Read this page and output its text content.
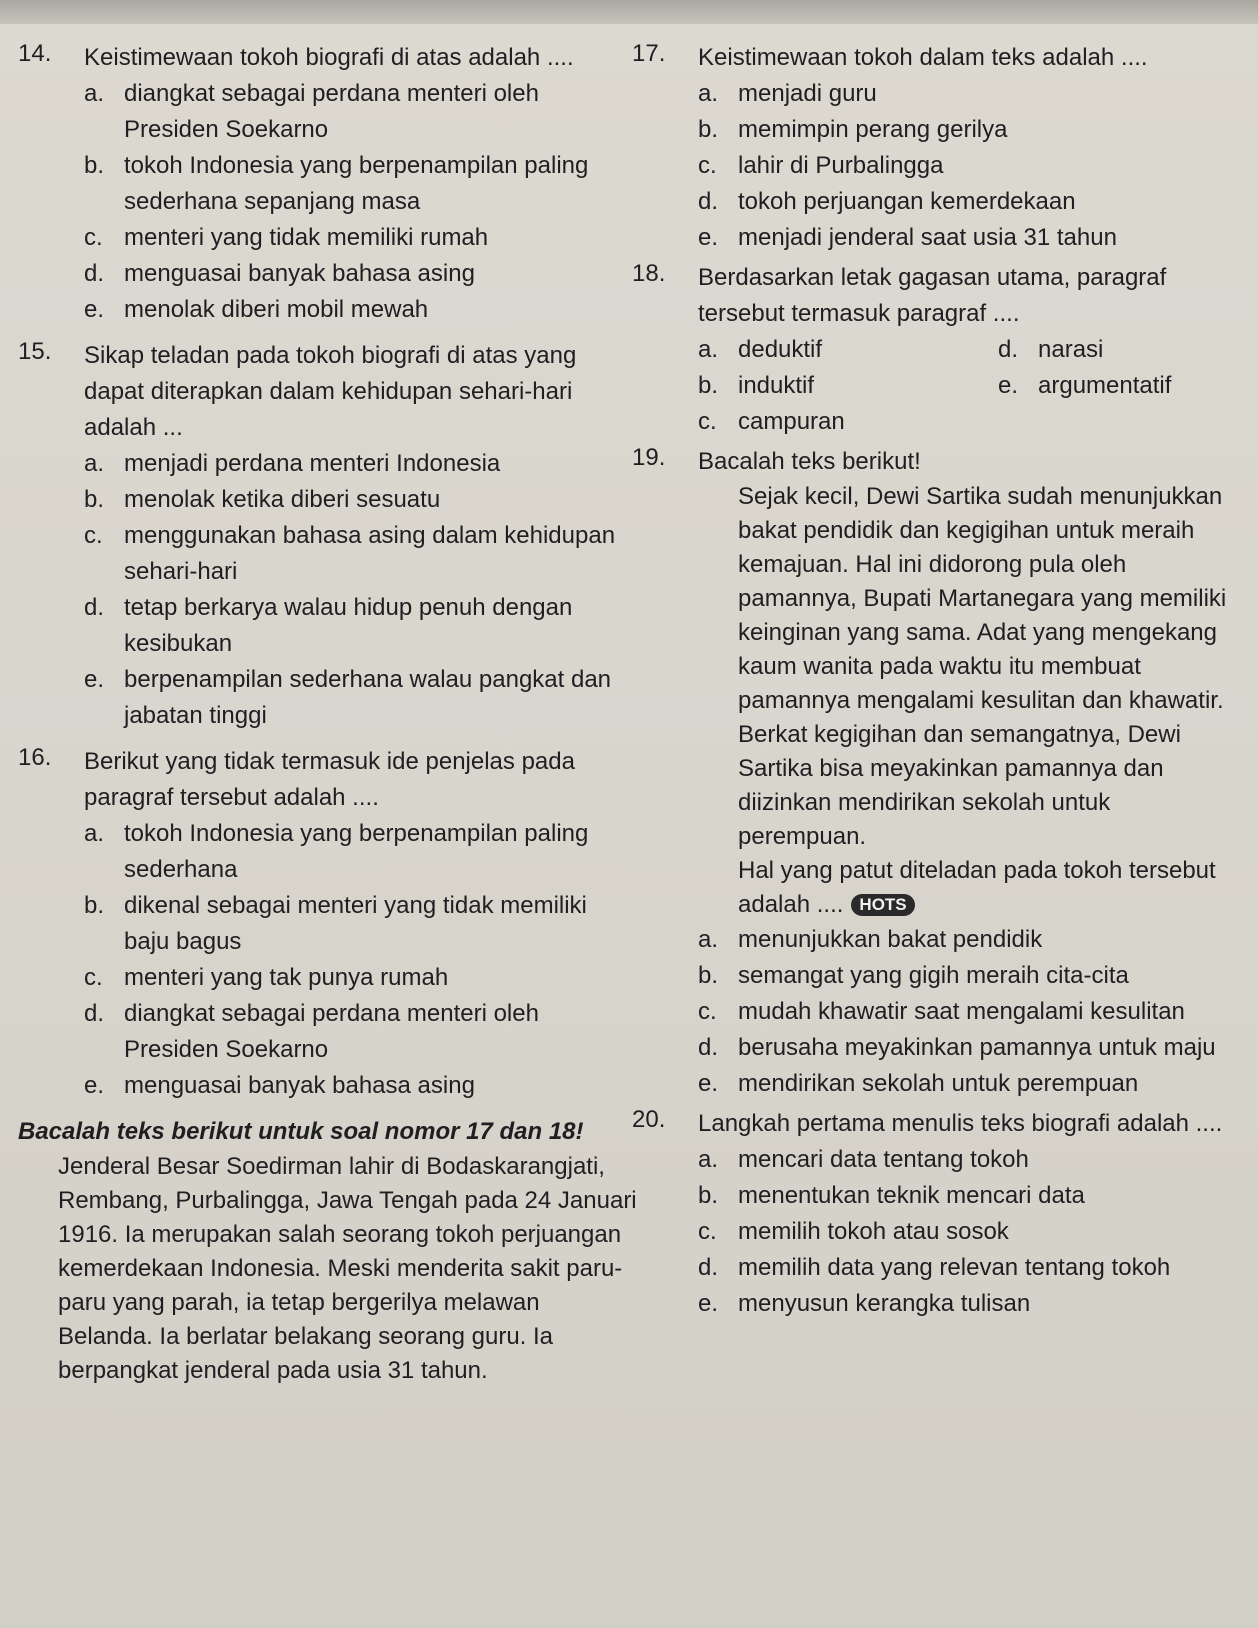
14.	Keistimewaan tokoh biografi di atas adalah ....
a. diangkat sebagai perdana menteri oleh Presiden Soekarno
b. tokoh Indonesia yang berpenampilan paling sederhana sepanjang masa
c. menteri yang tidak memiliki rumah
d. menguasai banyak bahasa asing
e. menolak diberi mobil mewah
15.	Sikap teladan pada tokoh biografi di atas yang dapat diterapkan dalam kehidupan sehari-hari adalah ...
a. menjadi perdana menteri Indonesia
b. menolak ketika diberi sesuatu
c. menggunakan bahasa asing dalam kehidupan sehari-hari
d. tetap berkarya walau hidup penuh dengan kesibukan
e. berpenampilan sederhana walau pangkat dan jabatan tinggi
16.	Berikut yang tidak termasuk ide penjelas pada paragraf tersebut adalah ....
a. tokoh Indonesia yang berpenampilan paling sederhana
b. dikenal sebagai menteri yang tidak memiliki baju bagus
c. menteri yang tak punya rumah
d. diangkat sebagai perdana menteri oleh Presiden Soekarno
e. menguasai banyak bahasa asing
Bacalah teks berikut untuk soal nomor 17 dan 18!
Jenderal Besar Soedirman lahir di Bodaskarangjati, Rembang, Purbalingga, Jawa Tengah pada 24 Januari 1916. Ia merupakan salah seorang tokoh perjuangan kemerdekaan Indonesia. Meski menderita sakit paru-paru yang parah, ia tetap bergerilya melawan Belanda. Ia berlatar belakang seorang guru. Ia berpangkat jenderal pada usia 31 tahun.
17.	Keistimewaan tokoh dalam teks adalah ....
a. menjadi guru
b. memimpin perang gerilya
c. lahir di Purbalingga
d. tokoh perjuangan kemerdekaan
e. menjadi jenderal saat usia 31 tahun
18.	Berdasarkan letak gagasan utama, paragraf tersebut termasuk paragraf ....
a. deduktif	d. narasi
b. induktif	e. argumentatif
c. campuran
19.	Bacalah teks berikut!
Sejak kecil, Dewi Sartika sudah menunjukkan bakat pendidik dan kegigihan untuk meraih kemajuan. Hal ini didorong pula oleh pamannya, Bupati Martanegara yang memiliki keinginan yang sama. Adat yang mengekang kaum wanita pada waktu itu membuat pamannya mengalami kesulitan dan khawatir. Berkat kegigihan dan semangatnya, Dewi Sartika bisa meyakinkan pamannya dan diizinkan mendirikan sekolah untuk perempuan.
Hal yang patut diteladan pada tokoh tersebut adalah .... HOTS
a. menunjukkan bakat pendidik
b. semangat yang gigih meraih cita-cita
c. mudah khawatir saat mengalami kesulitan
d. berusaha meyakinkan pamannya untuk maju
e. mendirikan sekolah untuk perempuan
20.	Langkah pertama menulis teks biografi adalah ....
a. mencari data tentang tokoh
b. menentukan teknik mencari data
c. memilih tokoh atau sosok
d. memilih data yang relevan tentang tokoh
e. menyusun kerangka tulisan
